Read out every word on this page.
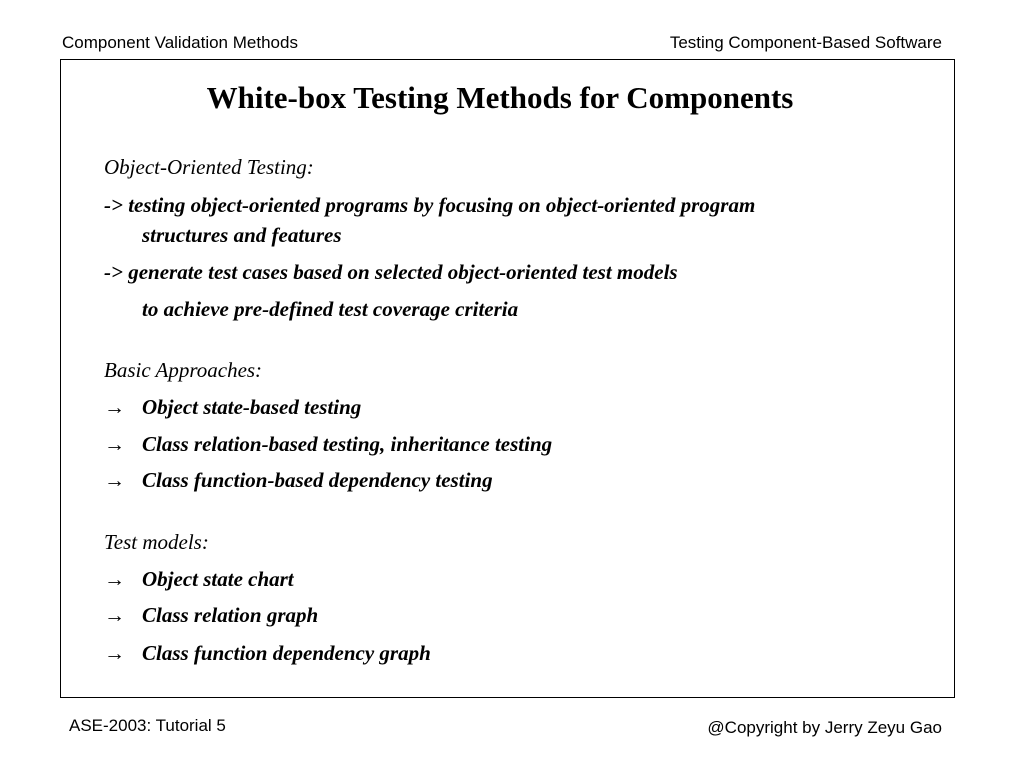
Component Validation Methods	Testing Component-Based Software
White-box Testing Methods for Components
Object-Oriented Testing:
-> testing object-oriented programs by focusing on object-oriented program
structures and features
-> generate test cases based on selected object-oriented test models
to achieve pre-defined test coverage criteria
Basic Approaches:
→ Object state-based testing
→ Class relation-based testing, inheritance testing
→ Class function-based dependency testing
Test models:
→ Object state chart
→ Class relation graph
→ Class function dependency graph
ASE-2003: Tutorial 5	@Copyright by Jerry Zeyu Gao
